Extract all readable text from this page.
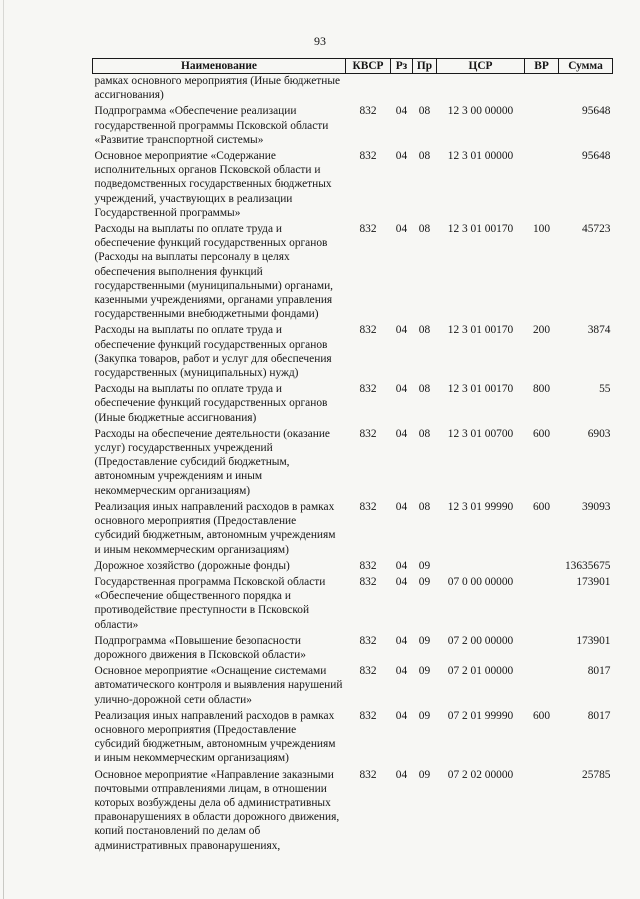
93
Наименование	КВСР	Рз	Пр	ЦСР	ВР	Сумма
рамках основного мероприятия (Иные бюджетные ассигнования)						
Подпрограмма «Обеспечение реализации государственной программы Псковской области «Развитие транспортной системы»	832	04	08	12 3 00 00000		95648
Основное мероприятие «Содержание исполнительных органов Псковской области и подведомственных государственных бюджетных учреждений, участвующих в реализации Государственной программы»	832	04	08	12 3 01 00000		95648
Расходы на выплаты по оплате труда и обеспечение функций государственных органов (Расходы на выплаты персоналу в целях обеспечения выполнения функций государственными (муниципальными) органами, казенными учреждениями, органами управления государственными внебюджетными фондами)	832	04	08	12 3 01 00170	100	45723
Расходы на выплаты по оплате труда и обеспечение функций государственных органов (Закупка товаров, работ и услуг для обеспечения государственных (муниципальных) нужд)	832	04	08	12 3 01 00170	200	3874
Расходы на выплаты по оплате труда и обеспечение функций государственных органов (Иные бюджетные ассигнования)	832	04	08	12 3 01 00170	800	55
Расходы на обеспечение деятельности (оказание услуг) государственных учреждений (Предоставление субсидий бюджетным, автономным учреждениям и иным некоммерческим организациям)	832	04	08	12 3 01 00700	600	6903
Реализация иных направлений расходов в рамках основного мероприятия (Предоставление субсидий бюджетным, автономным учреждениям и иным некоммерческим организациям)	832	04	08	12 3 01 99990	600	39093
Дорожное хозяйство (дорожные фонды)	832	04	09			13635675
Государственная программа Псковской области «Обеспечение общественного порядка и противодействие преступности в Псковской области»	832	04	09	07 0 00 00000		173901
Подпрограмма «Повышение безопасности дорожного движения в Псковской области»	832	04	09	07 2 00 00000		173901
Основное мероприятие «Оснащение системами автоматического контроля и выявления нарушений улично-дорожной сети области»	832	04	09	07 2 01 00000		8017
Реализация иных направлений расходов в рамках основного мероприятия (Предоставление субсидий бюджетным, автономным учреждениям и иным некоммерческим организациям)	832	04	09	07 2 01 99990	600	8017
Основное мероприятие «Направление заказными почтовыми отправлениями лицам, в отношении которых возбуждены дела об административных правонарушениях в области дорожного движения, копий постановлений по делам об административных правонарушениях,	832	04	09	07 2 02 00000		25785
